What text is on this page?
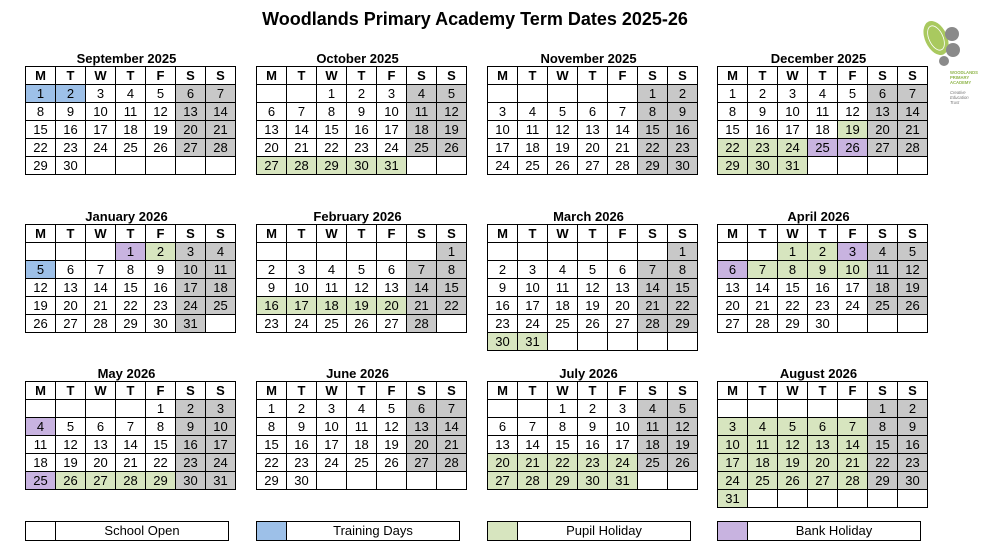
Woodlands Primary Academy Term Dates 2025-26
WOODLANDS
PRIMARY
ACADEMY
Creative
Education
Trust
September 2025
M	T	W	T	F	S	S
1	2	3	4	5	6	7
8	9	10	11	12	13	14
15	16	17	18	19	20	21
22	23	24	25	26	27	28
29	30					
October 2025
M	T	W	T	F	S	S
		1	2	3	4	5
6	7	8	9	10	11	12
13	14	15	16	17	18	19
20	21	22	23	24	25	26
27	28	29	30	31		
November 2025
M	T	W	T	F	S	S
					1	2
3	4	5	6	7	8	9
10	11	12	13	14	15	16
17	18	19	20	21	22	23
24	25	26	27	28	29	30
December 2025
M	T	W	T	F	S	S
1	2	3	4	5	6	7
8	9	10	11	12	13	14
15	16	17	18	19	20	21
22	23	24	25	26	27	28
29	30	31				
January 2026
M	T	W	T	F	S	S
			1	2	3	4
5	6	7	8	9	10	11
12	13	14	15	16	17	18
19	20	21	22	23	24	25
26	27	28	29	30	31	
February 2026
M	T	W	T	F	S	S
						1
2	3	4	5	6	7	8
9	10	11	12	13	14	15
16	17	18	19	20	21	22
23	24	25	26	27	28	
March 2026
M	T	W	T	F	S	S
						1
2	3	4	5	6	7	8
9	10	11	12	13	14	15
16	17	18	19	20	21	22
23	24	25	26	27	28	29
30	31					
April 2026
M	T	W	T	F	S	S
		1	2	3	4	5
6	7	8	9	10	11	12
13	14	15	16	17	18	19
20	21	22	23	24	25	26
27	28	29	30			
May 2026
M	T	W	T	F	S	S
				1	2	3
4	5	6	7	8	9	10
11	12	13	14	15	16	17
18	19	20	21	22	23	24
25	26	27	28	29	30	31
June 2026
M	T	W	T	F	S	S
1	2	3	4	5	6	7
8	9	10	11	12	13	14
15	16	17	18	19	20	21
22	23	24	25	26	27	28
29	30					
July 2026
M	T	W	T	F	S	S
		1	2	3	4	5
6	7	8	9	10	11	12
13	14	15	16	17	18	19
20	21	22	23	24	25	26
27	28	29	30	31		
August 2026
M	T	W	T	F	S	S
					1	2
3	4	5	6	7	8	9
10	11	12	13	14	15	16
17	18	19	20	21	22	23
24	25	26	27	28	29	30
31						
School Open	Training Days	Pupil Holiday	Bank Holiday
